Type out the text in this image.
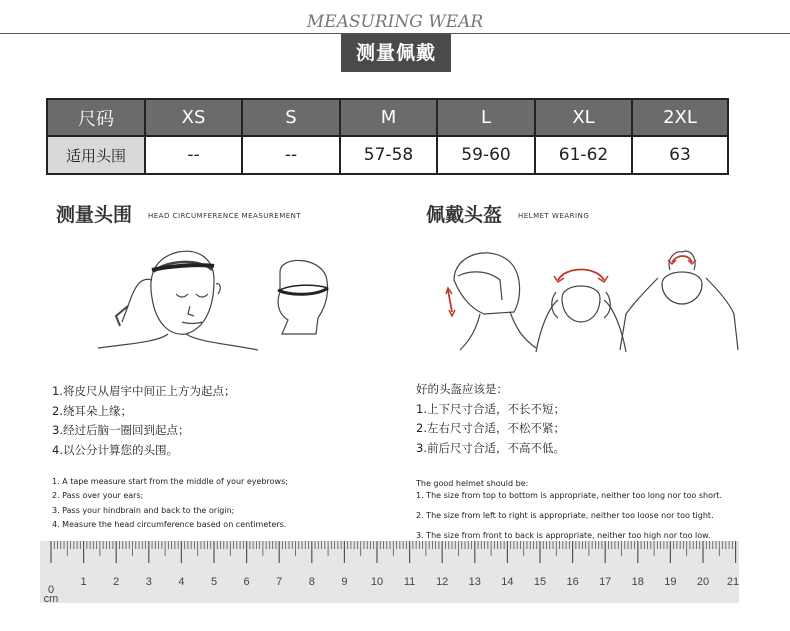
MEASURING WEAR
测量佩戴
尺码	XS	S	M	L	XL	2XL
适用头围	--	--	57-58	59-60	61-62	63
测量头围 HEAD CIRCUMFERENCE MEASUREMENT
1.将皮尺从眉宇中间正上方为起点；
2.绕耳朵上缘；
3.经过后脑一圈回到起点；
4.以公分计算您的头围。
1. A tape measure start from the middle of your eyebrows;
2. Pass over your ears;
3. Pass your hindbrain and back to the origin;
4. Measure the head circumference based on centimeters.
佩戴头盔 HELMET WEARING
好的头盔应该是：
1.上下尺寸合适，不长不短；
2.左右尺寸合适，不松不紧；
3.前后尺寸合适，不高不低。
The good helmet should be:
1. The size from top to bottom is appropriate, neither too long nor too short.
2. The size from left to right is appropriate, neither too loose nor too tight.
3. The size from front to back is appropriate, neither too high nor too low.
0
cm
1 2 3 4 5 6 7 8 9 10 11 12 13 14 15 16 17 18 19 20 21
